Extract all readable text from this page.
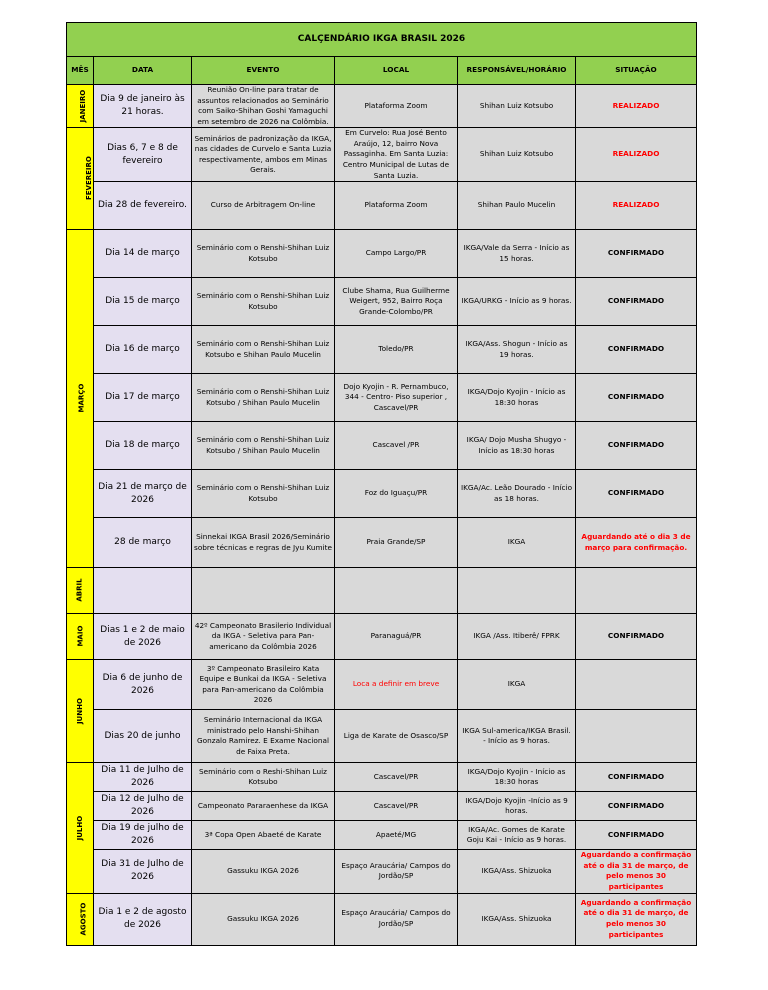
CALÇENDÁRIO IKGA BRASIL 2026					
MÊS	DATA	EVENTO	LOCAL	RESPONSÁVEL/HORÁRIO	SITUAÇÃO
JANEIRO	Dia 9 de janeiro às 21 horas.	Reunião On-line para tratar de assuntos relacionados ao Seminário com Saiko-Shihan Goshi Yamaguchi em setembro de 2026 na Colômbia.	Plataforma Zoom	Shihan Luiz Kotsubo	REALIZADO
FEVEREIRO	Dias 6, 7 e 8 de fevereiro	Seminários de padronização da IKGA, nas cidades de Curvelo e Santa Luzia respectivamente, ambos em Minas Gerais.	Em Curvelo: Rua José Bento Araújo, 12, bairro Nova Passaginha. Em Santa Luzia: Centro Municipal de Lutas de Santa Luzia.	Shihan Luiz Kotsubo	REALIZADO
	Dia 28 de fevereiro.	Curso de Arbitragem On-line	Plataforma Zoom	Shihan Paulo Mucelin	REALIZADO
MARÇO	Dia 14 de março	Seminário com o Renshi-Shihan Luiz Kotsubo	Campo Largo/PR	IKGA/Vale da Serra - Início as 15 horas.	CONFIRMADO
	Dia 15 de março	Seminário com o Renshi-Shihan Luiz Kotsubo	Clube Shama, Rua Guilherme Weigert, 952, Bairro Roça Grande-Colombo/PR	IKGA/URKG - Início as 9 horas.	CONFIRMADO
	Dia 16 de março	Seminário com o Renshi-Shihan Luiz Kotsubo e Shihan Paulo Mucelin	Toledo/PR	IKGA/Ass. Shogun - Início as 19 horas.	CONFIRMADO
	Dia 17 de março	Seminário com o Renshi-Shihan Luiz Kotsubo / Shihan Paulo Mucelin	Dojo Kyojin - R. Pernambuco, 344 - Centro- Piso superior , Cascavel/PR	IKGA/Dojo Kyojin - Início as 18:30 horas	CONFIRMADO
	Dia 18 de março	Seminário com o Renshi-Shihan Luiz Kotsubo / Shihan Paulo Mucelin	Cascavel /PR	IKGA/ Dojo Musha Shugyo - Início as 18:30 horas	CONFIRMADO
	Dia 21 de março de 2026	Seminário com o Renshi-Shihan Luiz Kotsubo	Foz do Iguaçu/PR	IKGA/Ac. Leão Dourado - Início as 18 horas.	CONFIRMADO
	28 de março	Sinnekai IKGA Brasil 2026/Seminário sobre técnicas e regras de Jyu Kumite	Praia Grande/SP	IKGA	Aguardando até o dia 3 de março para confirmação.
ABRIL					
MAIO	Dias 1 e 2 de maio de 2026	42º Campeonato Brasilerio Individual da IKGA - Seletiva para Pan-americano da Colômbia 2026	Paranaguá/PR	IKGA /Ass. Itiberê/ FPRK	CONFIRMADO
JUNHO	Dia 6 de junho de 2026	3º Campeonato Brasileiro Kata Equipe e Bunkai da IKGA - Seletiva para Pan-americano da Colômbia 2026	Loca a definir em breve	IKGA	
	Dias 20 de junho	Seminário Internacional da IKGA ministrado pelo Hanshi-Shihan Gonzalo Ramirez. E Exame Nacional de Faixa Preta.	Liga de Karate de Osasco/SP	IKGA Sul-america/IKGA Brasil. - Início as 9 horas.	
JULHO	Dia 11 de Julho de 2026	Seminário com o Reshi-Shihan Luiz Kotsubo	Cascavel/PR	IKGA/Dojo Kyojin - Início as 18:30 horas	CONFIRMADO
	Dia 12 de Julho de 2026	Campeonato Pararaenhese da IKGA	Cascavel/PR	IKGA/Dojo Kyojin -Início as 9 horas.	CONFIRMADO
	Dia 19 de julho de 2026	3ª Copa Open Abaeté de Karate	Apaeté/MG	IKGA/Ac. Gomes de Karate Goju Kai - Início as 9 horas.	CONFIRMADO
	Dia 31 de Julho de 2026	Gassuku IKGA 2026	Espaço Araucária/ Campos do Jordão/SP	IKGA/Ass. Shizuoka	Aguardando a confirmação até o dia 31 de março, de pelo menos 30 participantes
AGOSTO	Dia 1 e 2 de agosto de 2026	Gassuku IKGA 2026	Espaço Araucária/ Campos do Jordão/SP	IKGA/Ass. Shizuoka	Aguardando a confirmação até o dia 31 de março, de pelo menos 30 participantes
